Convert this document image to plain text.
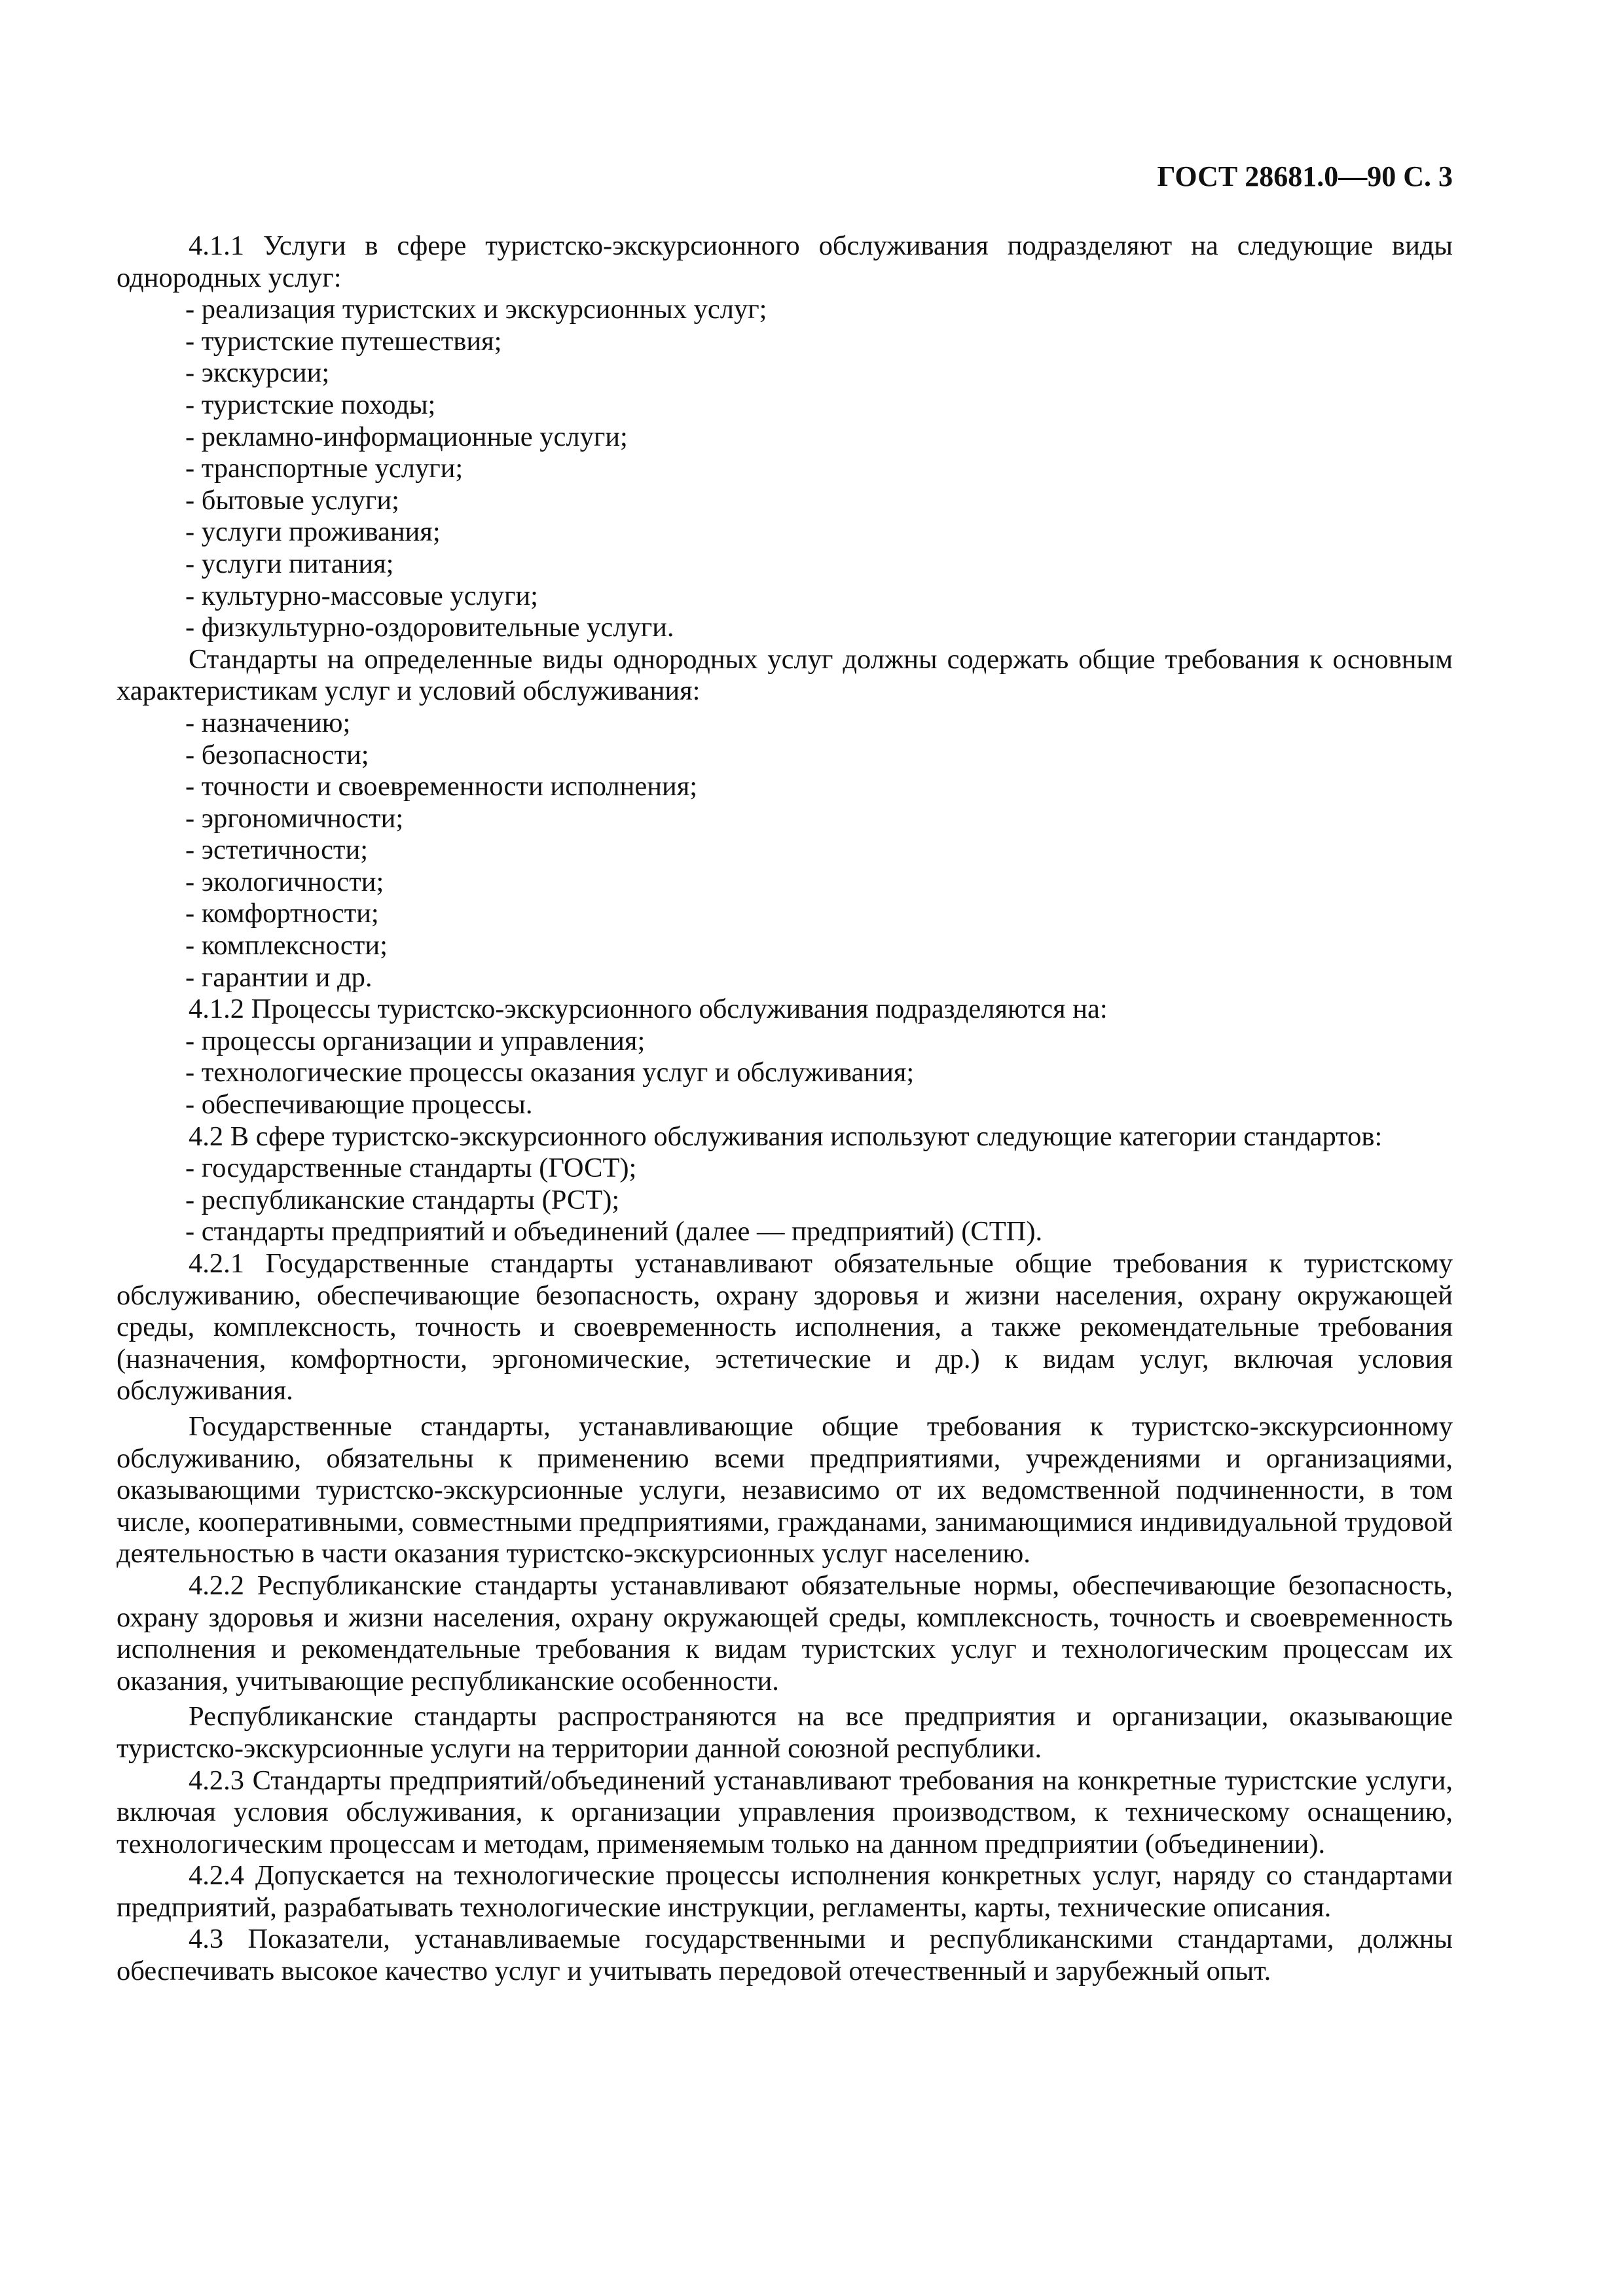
ГОСТ 28681.0—90 С. 3

4.1.1 Услуги в сфере туристско-экскурсионного обслуживания подразделяют на следующие виды однородных услуг:

- реализация туристских и экскурсионных услуг;

- туристские путешествия;

- экскурсии;

- туристские походы;

- рекламно-информационные услуги;

- транспортные услуги;

- бытовые услуги;

- услуги проживания;

- услуги питания;

- культурно-массовые услуги;

- физкультурно-оздоровительные услуги.

Стандарты на определенные виды однородных услуг должны содержать общие требования к основным характеристикам услуг и условий обслуживания:

- назначению;

- безопасности;

- точности и своевременности исполнения;

- эргономичности;

- эстетичности;

- экологичности;

- комфортности;

- комплексности;

- гарантии и др.

4.1.2 Процессы туристско-экскурсионного обслуживания подразделяются на:

- процессы организации и управления;

- технологические процессы оказания услуг и обслуживания;

- обеспечивающие процессы.

4.2 В сфере туристско-экскурсионного обслуживания используют следующие категории стандартов:

- государственные стандарты (ГОСТ);

- республиканские стандарты (РСТ);

- стандарты предприятий и объединений (далее — предприятий) (СТП).

4.2.1 Государственные стандарты устанавливают обязательные общие требования к туристскому обслуживанию, обеспечивающие безопасность, охрану здоровья и жизни населения, охрану окружающей среды, комплексность, точность и своевременность исполнения, а также рекомендательные требования (назначения, комфортности, эргономические, эстетические и др.) к видам услуг, включая условия обслуживания.

Государственные стандарты, устанавливающие общие требования к туристско-экскурсионному обслуживанию, обязательны к применению всеми предприятиями, учреждениями и организациями, оказывающими туристско-экскурсионные услуги, независимо от их ведомственной подчиненности, в том числе, кооперативными, совместными предприятиями, гражданами, занимающимися индивидуальной трудовой деятельностью в части оказания туристско-экскурсионных услуг населению.

4.2.2 Республиканские стандарты устанавливают обязательные нормы, обеспечивающие безопасность, охрану здоровья и жизни населения, охрану окружающей среды, комплексность, точность и своевременность исполнения и рекомендательные требования к видам туристских услуг и технологическим процессам их оказания, учитывающие республиканские особенности.

Республиканские стандарты распространяются на все предприятия и организации, оказывающие туристско-экскурсионные услуги на территории данной союзной республики.

4.2.3 Стандарты предприятий/объединений устанавливают требования на конкретные туристские услуги, включая условия обслуживания, к организации управления производством, к техническому оснащению, технологическим процессам и методам, применяемым только на данном предприятии (объединении).

4.2.4 Допускается на технологические процессы исполнения конкретных услуг, наряду со стандартами предприятий, разрабатывать технологические инструкции, регламенты, карты, технические описания.

4.3 Показатели, устанавливаемые государственными и республиканскими стандартами, должны обеспечивать высокое качество услуг и учитывать передовой отечественный и зарубежный опыт.
